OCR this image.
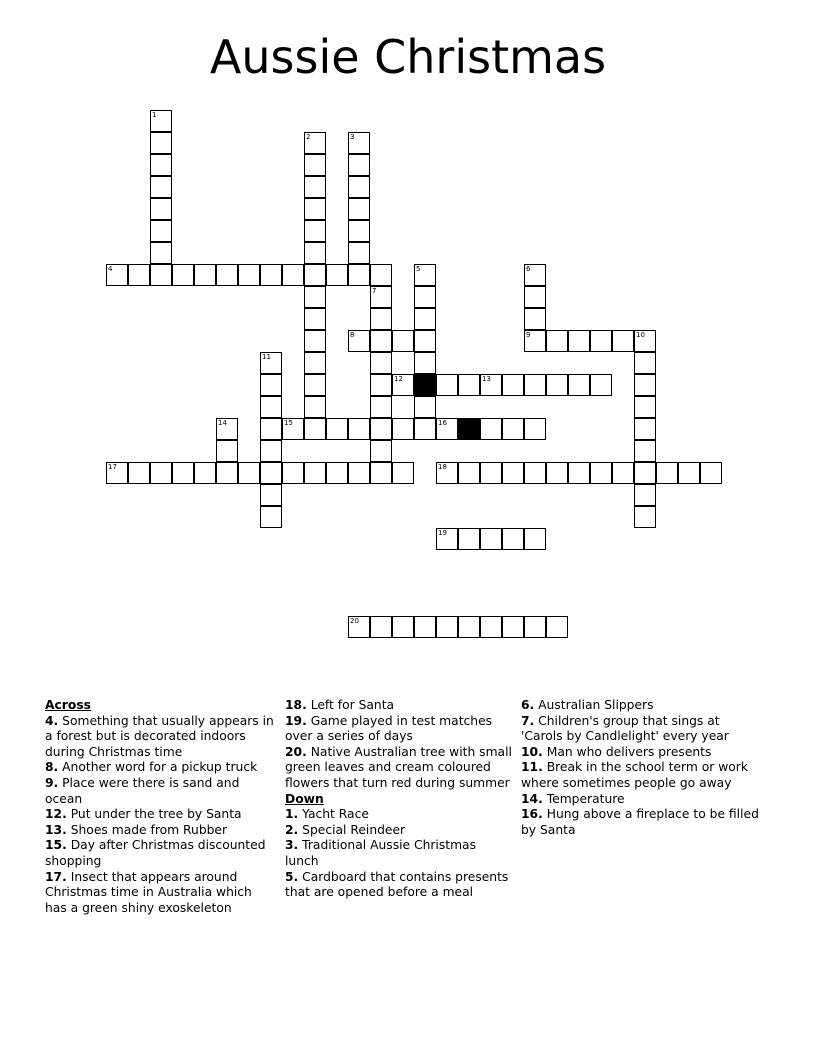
Aussie Christmas
1
2	3
4	5	6
7
8	9	10
11
12	13
14	15	16
17	18
19
20
Across
4. Something that usually appears in a forest but is decorated indoors during Christmas time
8. Another word for a pickup truck
9. Place were there is sand and ocean
12. Put under the tree by Santa
13. Shoes made from Rubber
15. Day after Christmas discounted shopping
17. Insect that appears around Christmas time in Australia which has a green shiny exoskeleton
18. Left for Santa
19. Game played in test matches over a series of days
20. Native Australian tree with small green leaves and cream coloured flowers that turn red during summer
Down
1. Yacht Race
2. Special Reindeer
3. Traditional Aussie Christmas lunch
5. Cardboard that contains presents that are opened before a meal
6. Australian Slippers
7. Children's group that sings at 'Carols by Candlelight' every year
10. Man who delivers presents
11. Break in the school term or work where sometimes people go away
14. Temperature
16. Hung above a fireplace to be filled by Santa
